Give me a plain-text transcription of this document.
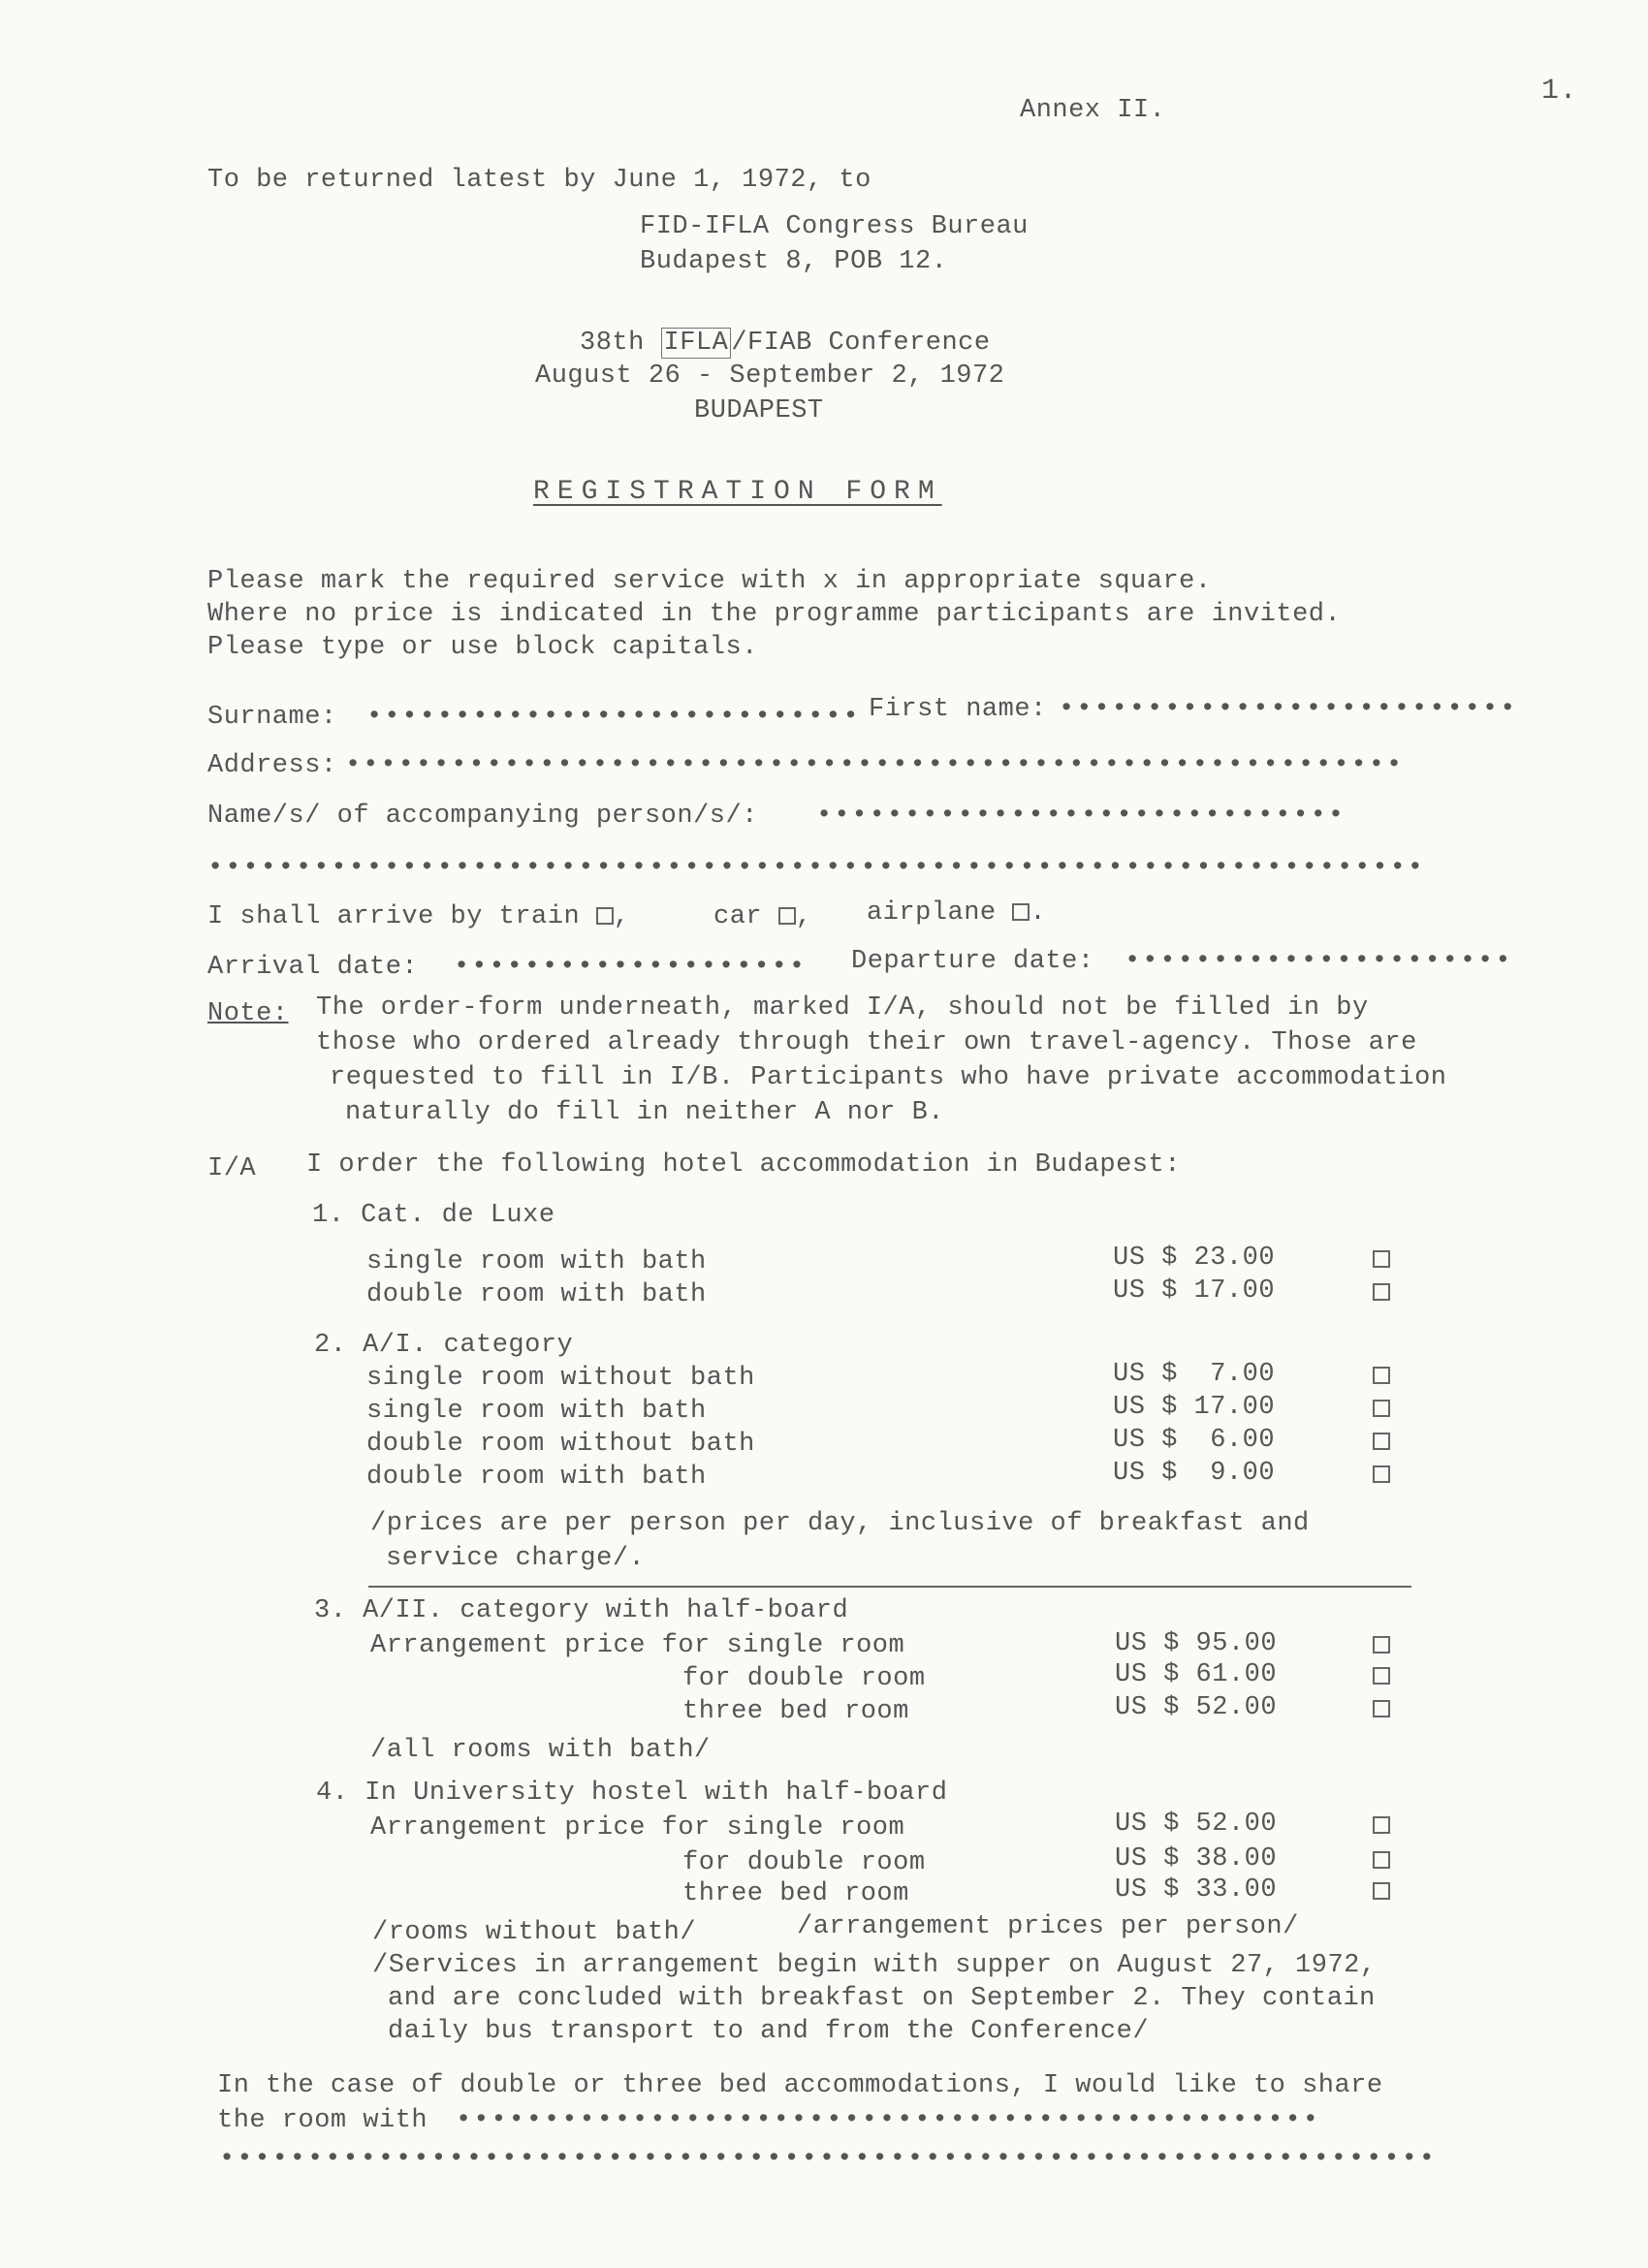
1.
Annex II.
To be returned latest by June 1, 1972, to
FID-IFLA Congress Bureau
Budapest 8, POB 12.
38th IFLA /FIAB Conference
August 26 - September 2, 1972
BUDAPEST
REGISTRATION FORM
Please mark the required service with x in appropriate square.
Where no price is indicated in the programme participants are invited.
Please type or use block capitals.
Surname: •••••••••••••••••••••••••••• First name: ••••••••••••••••••••••••••
Address: ••••••••••••••••••••••••••••••••••••••••••••••••••••••••••••
Name/s/ of accompanying person/s/: ••••••••••••••••••••••••••••••
•••••••••••••••••••••••••••••••••••••••••••••••••••••••••••••••••••••
I shall arrive by train ,	car , airplane .
Arrival date: •••••••••••••••••••• Departure date: ••••••••••••••••••••••
Note: The order-form underneath, marked I/A, should not be filled in by
those who ordered already through their own travel-agency. Those are
requested to fill in I/B. Participants who have private accommodation
naturally do fill in neither A nor B.
I/A I order the following hotel accommodation in Budapest:
1. Cat. de Luxe
single room with bath	US $ 23.00
double room with bath	US $ 17.00
2. A/I. category
single room without bath	US $  7.00
single room with bath	US $ 17.00
double room without bath	US $  6.00
double room with bath	US $  9.00
/prices are per person per day, inclusive of breakfast and
service charge/.
3. A/II. category with half-board
Arrangement price for single room	US $ 95.00
for double room	US $ 61.00
three bed room	US $ 52.00
/all rooms with bath/
4. In University hostel with half-board
Arrangement price for single room	US $ 52.00
for double room	US $ 38.00
three bed room	US $ 33.00
/rooms without bath/	/arrangement prices per person/
/Services in arrangement begin with supper on August 27, 1972,
and are concluded with breakfast on September 2. They contain
daily bus transport to and from the Conference/
In the case of double or three bed accommodations, I would like to share
the room with •••••••••••••••••••••••••••••••••••••••••••••••••
•••••••••••••••••••••••••••••••••••••••••••••••••••••••••••••••••••••
